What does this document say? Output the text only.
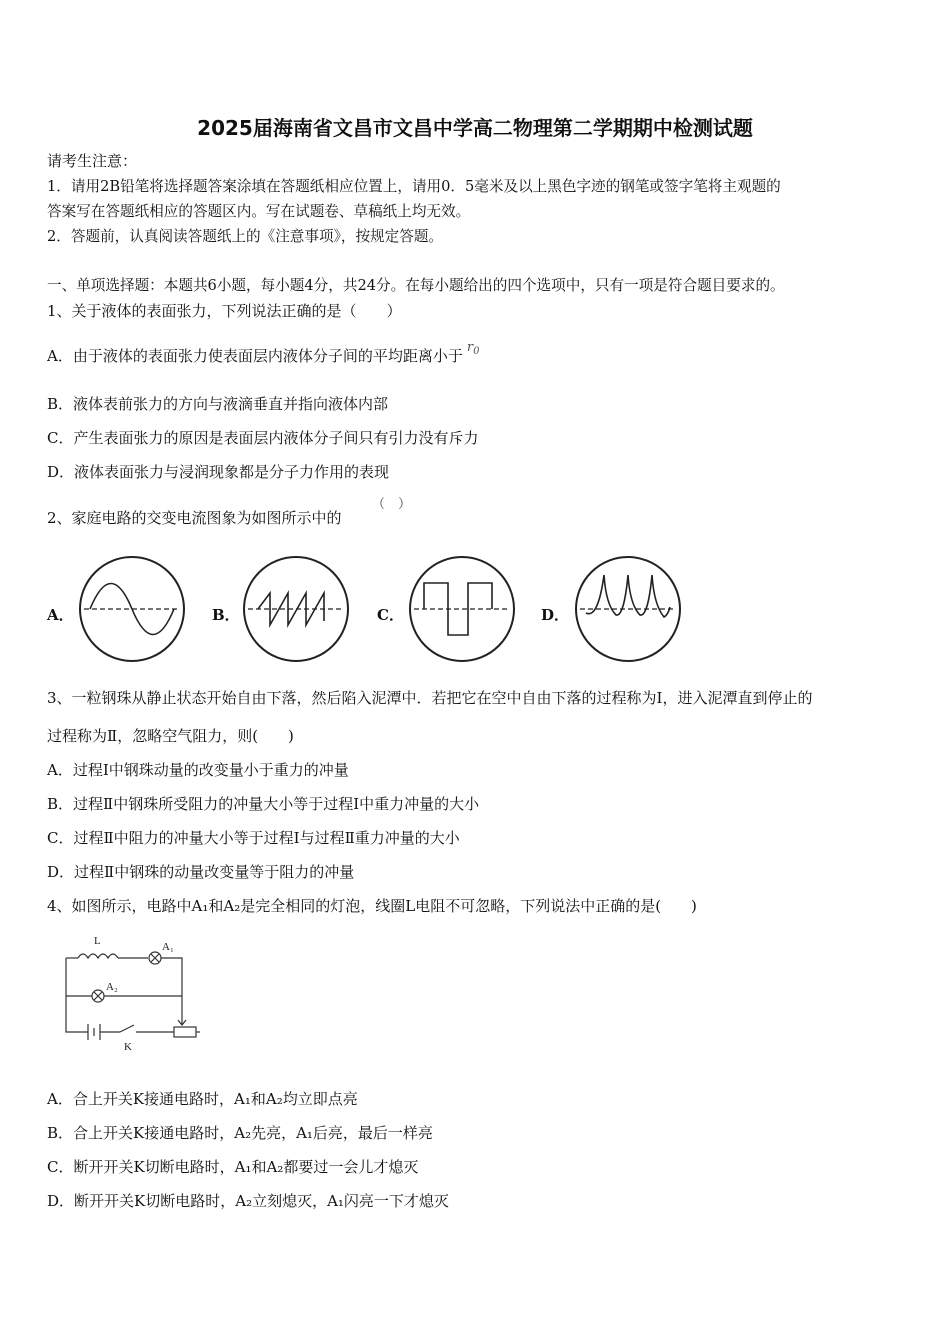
2025届海南省文昌市文昌中学高二物理第二学期期中检测试题
请考生注意：
1．请用2B铅笔将选择题答案涂填在答题纸相应位置上，请用0．5毫米及以上黑色字迹的钢笔或签字笔将主观题的
答案写在答题纸相应的答题区内。写在试题卷、草稿纸上均无效。
2．答题前，认真阅读答题纸上的《注意事项》，按规定答题。
一、单项选择题：本题共6小题，每小题4分，共24分。在每小题给出的四个选项中，只有一项是符合题目要求的。
1、关于液体的表面张力，下列说法正确的是（　　）
A．由于液体的表面张力使表面层内液体分子间的平均距离小于 $r_0$
B．液体表前张力的方向与液滴垂直并指向液体内部
C．产生表面张力的原因是表面层内液体分子间只有引力没有斥力
D．液体表面张力与浸润现象都是分子力作用的表现
2、家庭电路的交变电流图象为如图所示中的
（　）
A．	B．	C．	D．
3、一粒钢珠从静止状态开始自由下落，然后陷入泥潭中．若把它在空中自由下落的过程称为Ⅰ，进入泥潭直到停止的
过程称为Ⅱ，忽略空气阻力，则(　　)
A．过程Ⅰ中钢珠动量的改变量小于重力的冲量
B．过程Ⅱ中钢珠所受阻力的冲量大小等于过程Ⅰ中重力冲量的大小
C．过程Ⅱ中阻力的冲量大小等于过程Ⅰ与过程Ⅱ重力冲量的大小
D．过程Ⅱ中钢珠的动量改变量等于阻力的冲量
4、如图所示，电路中A₁和A₂是完全相同的灯泡，线圈L电阻不可忽略，下列说法中正确的是(　　)
L	A₁
A₂
K
A．合上开关K接通电路时，A₁和A₂均立即点亮
B．合上开关K接通电路时，A₂先亮，A₁后亮，最后一样亮
C．断开开关K切断电路时，A₁和A₂都要过一会儿才熄灭
D．断开开关K切断电路时，A₂立刻熄灭，A₁闪亮一下才熄灭
